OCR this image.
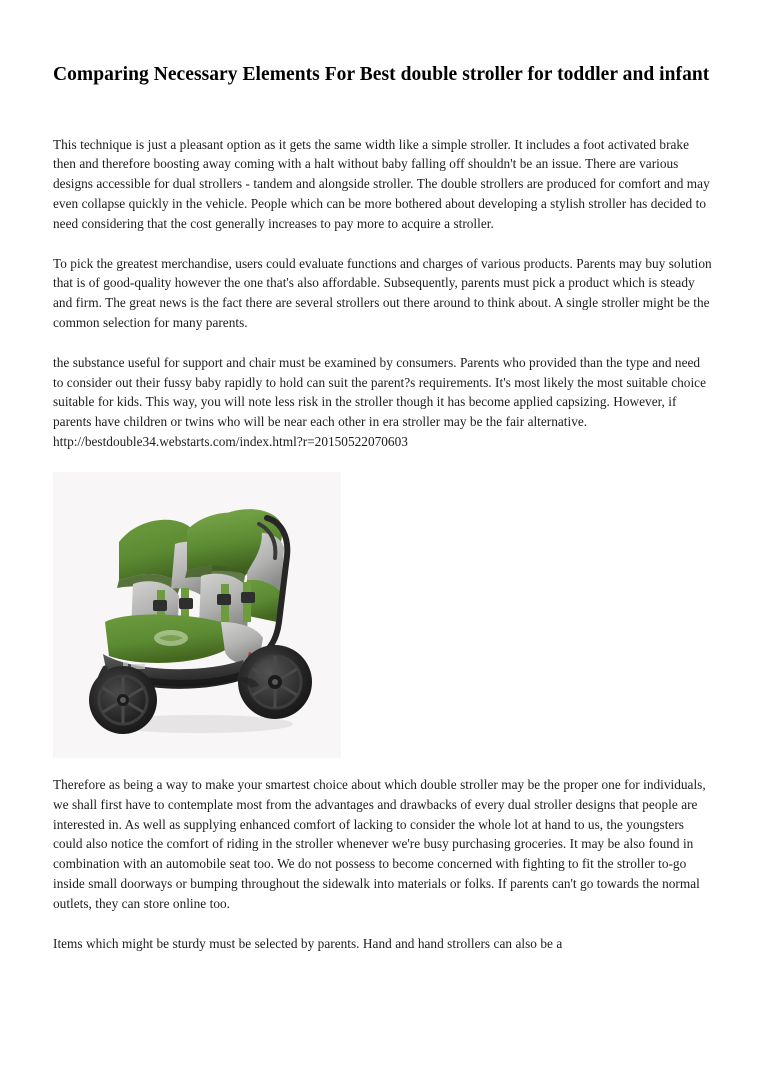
Comparing Necessary Elements For Best double stroller for toddler and infant

This technique is just a pleasant option as it gets the same width like a simple stroller. It includes a foot activated brake then and therefore boosting away coming with a halt without baby falling off shouldn't be an issue. There are various designs accessible for dual strollers - tandem and alongside stroller. The double strollers are produced for comfort and may even collapse quickly in the vehicle. People which can be more bothered about developing a stylish stroller has decided to need considering that the cost generally increases to pay more to acquire a stroller.

To pick the greatest merchandise, users could evaluate functions and charges of various products. Parents may buy solution that is of good-quality however the one that's also affordable. Subsequently, parents must pick a product which is steady and firm. The great news is the fact there are several strollers out there around to think about. A single stroller might be the common selection for many parents.

the substance useful for support and chair must be examined by consumers. Parents who provided than the type and need to consider out their fussy baby rapidly to hold can suit the parent?s requirements. It's most likely the most suitable choice suitable for kids. This way, you will note less risk in the stroller though it has become applied capsizing. However, if parents have children or twins who will be near each other in era stroller may be the fair alternative. http://bestdouble34.webstarts.com/index.html?r=20150522070603

Therefore as being a way to make your smartest choice about which double stroller may be the proper one for individuals, we shall first have to contemplate most from the advantages and drawbacks of every dual stroller designs that people are interested in. As well as supplying enhanced comfort of lacking to consider the whole lot at hand to us, the youngsters could also notice the comfort of riding in the stroller whenever we're busy purchasing groceries. It may be also found in combination with an automobile seat too. We do not possess to become concerned with fighting to fit the stroller to-go inside small doorways or bumping throughout the sidewalk into materials or folks. If parents can't go towards the normal outlets, they can store online too.

Items which might be sturdy must be selected by parents. Hand and hand strollers can also be a
